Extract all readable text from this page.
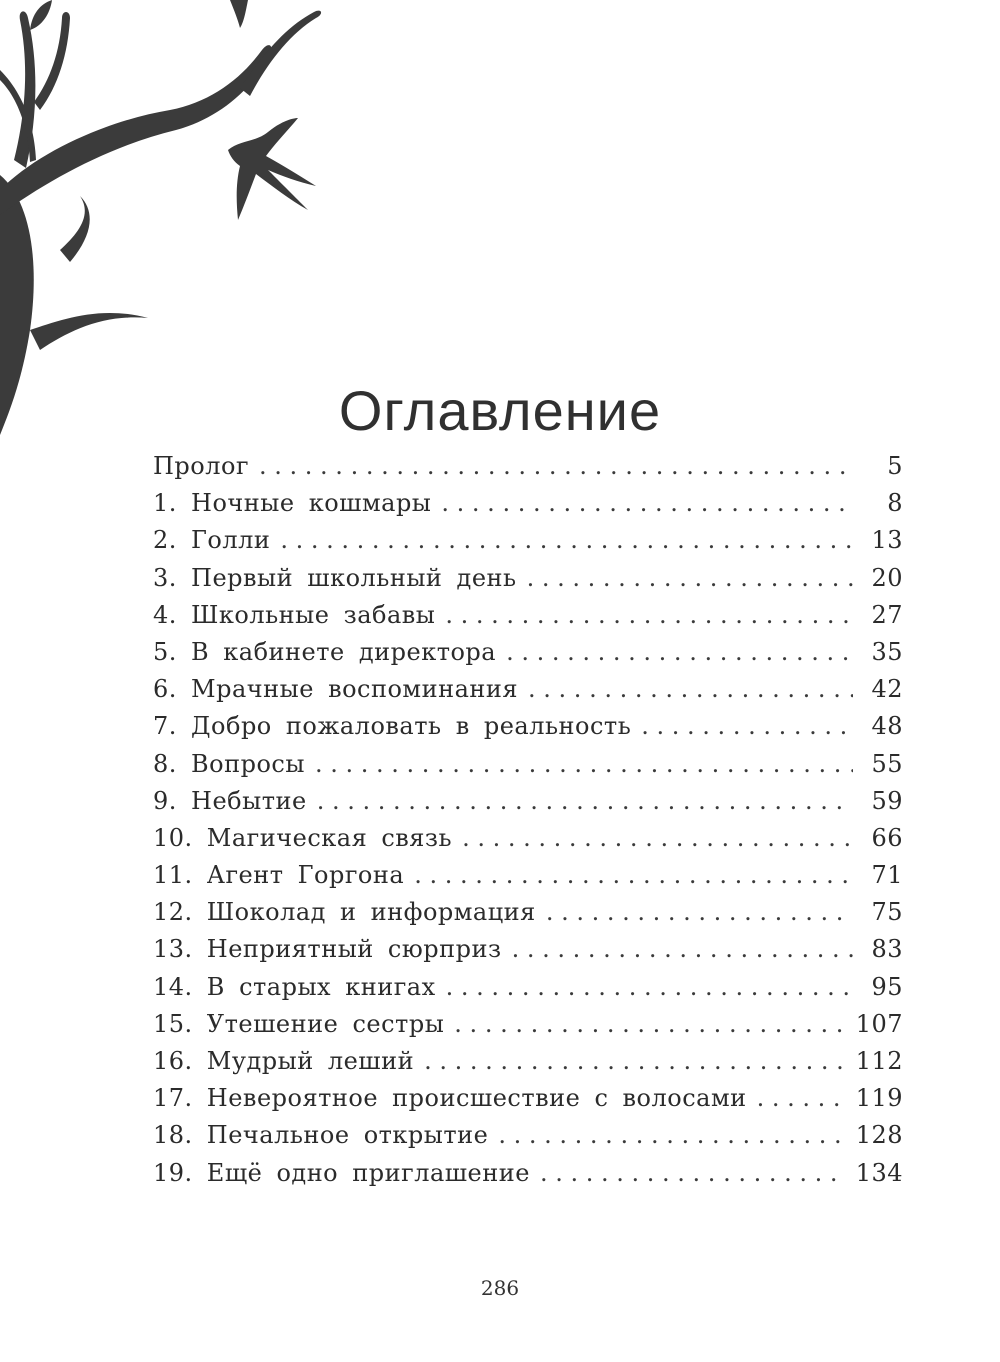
Оглавление
Пролог . . .	5
1. Ночные кошмары . . .	8
2. Голли . . .	13
3. Первый школьный день . . .	20
4. Школьные забавы . . .	27
5. В кабинете директора . . .	35
6. Мрачные воспоминания . . .	42
7. Добро пожаловать в реальность . . .	48
8. Вопросы . . .	55
9. Небытие . . .	59
10. Магическая связь . . .	66
11. Агент Горгона . . .	71
12. Шоколад и информация . . .	75
13. Неприятный сюрприз . . .	83
14. В старых книгах . . .	95
15. Утешение сестры . . .	107
16. Мудрый леший . . .	112
17. Невероятное происшествие с волосами . . .	119
18. Печальное открытие . . .	128
19. Ещё одно приглашение . . .	134
286
